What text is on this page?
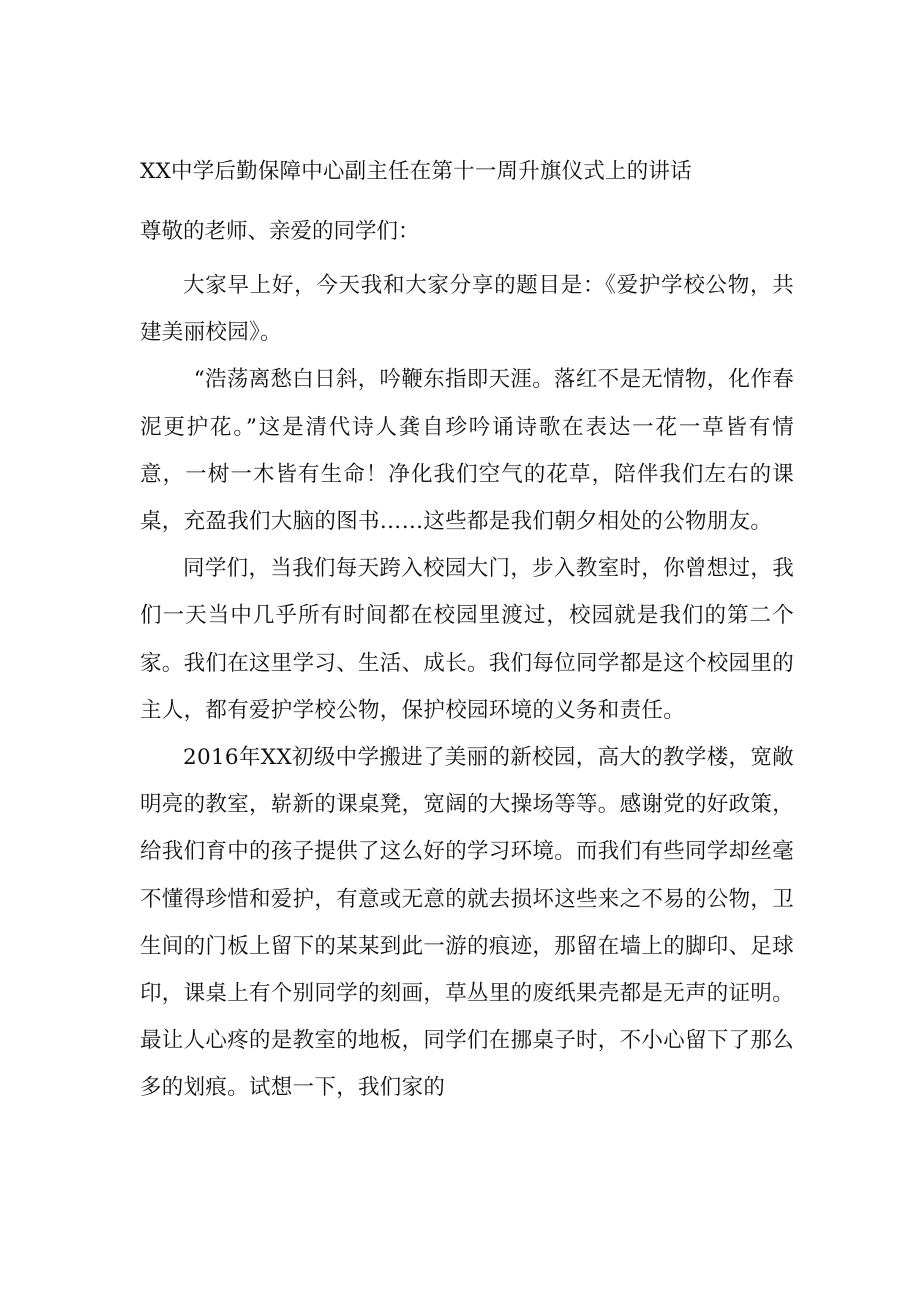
XX中学后勤保障中心副主任在第十一周升旗仪式上的讲话

尊敬的老师、亲爱的同学们：

大家早上好，今天我和大家分享的题目是：《爱护学校公物，共建美丽校园》。

“浩荡离愁白日斜，吟鞭东指即天涯。落红不是无情物，化作春泥更护花。”这是清代诗人龚自珍吟诵诗歌在表达一花一草皆有情意，一树一木皆有生命！净化我们空气的花草，陪伴我们左右的课桌，充盈我们大脑的图书……这些都是我们朝夕相处的公物朋友。

同学们，当我们每天跨入校园大门，步入教室时，你曾想过，我们一天当中几乎所有时间都在校园里渡过，校园就是我们的第二个家。我们在这里学习、生活、成长。我们每位同学都是这个校园里的主人，都有爱护学校公物，保护校园环境的义务和责任。

2016年XX初级中学搬进了美丽的新校园，高大的教学楼，宽敞明亮的教室，崭新的课桌凳，宽阔的大操场等等。感谢党的好政策，给我们育中的孩子提供了这么好的学习环境。而我们有些同学却丝毫不懂得珍惜和爱护，有意或无意的就去损坏这些来之不易的公物，卫生间的门板上留下的某某到此一游的痕迹，那留在墙上的脚印、足球印，课桌上有个别同学的刻画，草丛里的废纸果壳都是无声的证明。最让人心疼的是教室的地板，同学们在挪桌子时，不小心留下了那么多的划痕。试想一下，我们家的
